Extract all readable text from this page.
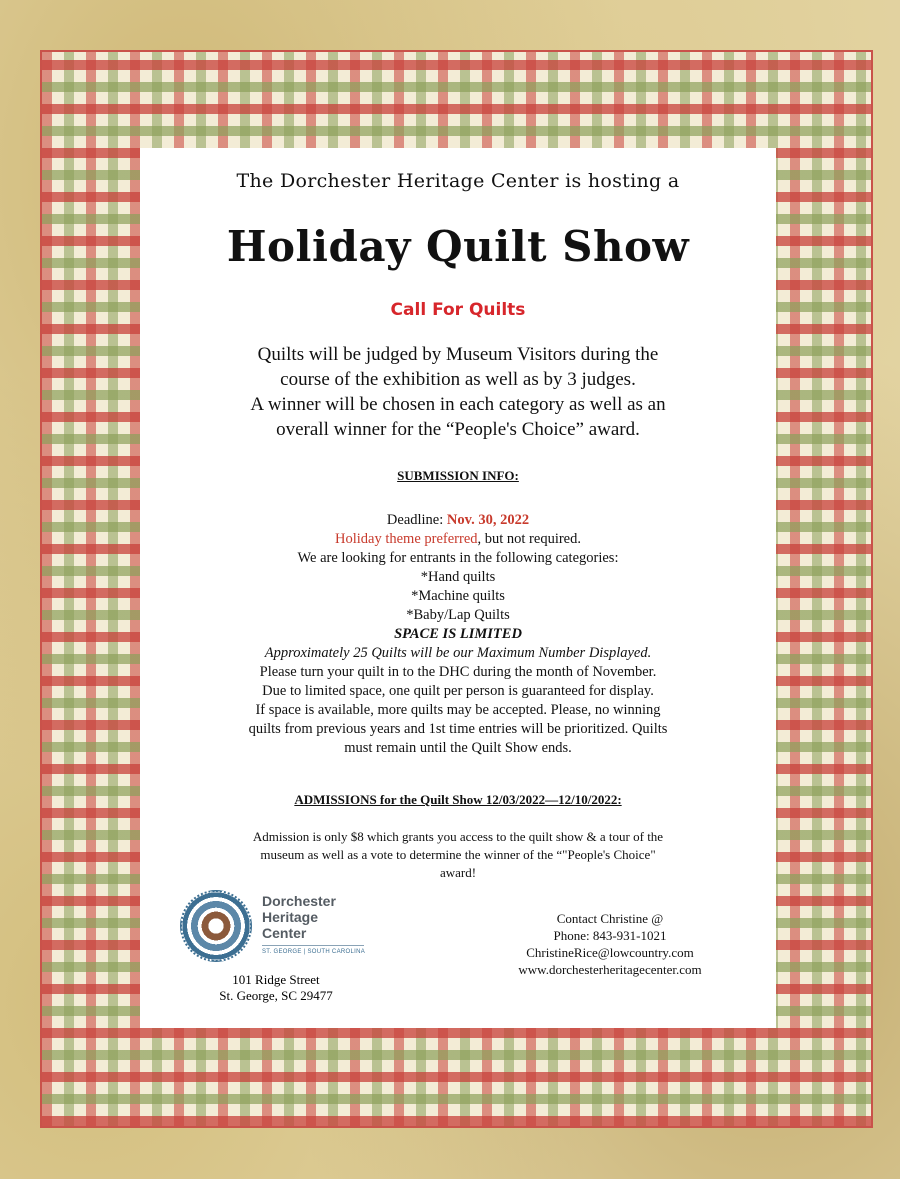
The Dorchester Heritage Center is hosting a
Holiday Quilt Show
Call For Quilts
Quilts will be judged by Museum Visitors during the
course of the exhibition as well as by 3 judges.
A winner will be chosen in each category as well as an
overall winner for the “People's Choice” award.
SUBMISSION INFO:
Deadline: Nov. 30, 2022
Holiday theme preferred, but not required.
We are looking for entrants in the following categories:
*Hand quilts
*Machine quilts
*Baby/Lap Quilts
SPACE IS LIMITED
Approximately 25 Quilts will be our Maximum Number Displayed.
Please turn your quilt in to the DHC during the month of November.
Due to limited space, one quilt per person is guaranteed for display.
If space is available, more quilts may be accepted. Please, no winning
quilts from previous years and 1st time entries will be prioritized. Quilts
must remain until the Quilt Show ends.
ADMISSIONS for the Quilt Show 12/03/2022—12/10/2022:
Admission is only $8 which grants you access to the quilt show & a tour of the
museum as well as a vote to determine the winner of the “"People's Choice"
award!
Dorchester
Heritage
Center
ST. GEORGE | SOUTH CAROLINA
101 Ridge Street
St. George, SC 29477
Contact Christine @
Phone: 843-931-1021
ChristineRice@lowcountry.com
www.dorchesterheritagecenter.com
